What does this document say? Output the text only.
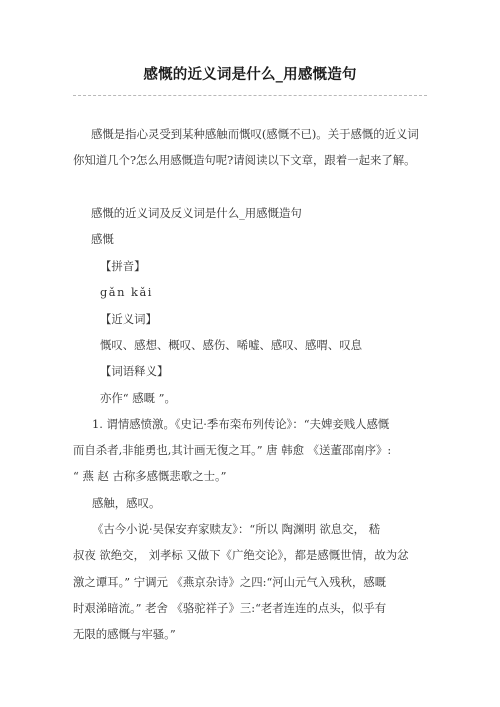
感慨的近义词是什么_用感慨造句
感慨是指心灵受到某种感触而慨叹(感慨不已)。关于感慨的近义词
你知道几个?怎么用感慨造句呢?请阅读以下文章，跟着一起来了解。
感慨的近义词及反义词是什么_用感慨造句
感慨
【拼音】
gǎn kǎi
【近义词】
慨叹、感想、概叹、感伤、唏嘘、感叹、感喟、叹息
【词语释义】
亦作“ 感嘅 ”。
1. 谓情感愤激。《史记·季布栾布列传论》：“夫婢妾贱人感慨
而自杀者,非能勇也,其计画无復之耳。” 唐 韩愈 《送董邵南序》:
“ 燕 赵 古称多感慨悲歌之士。”
感触，感叹。
《古今小说·吴保安弃家赎友》：“所以 陶渊明 欲息交， 嵇
叔夜 欲绝交， 刘孝标 又做下《广绝交论》，都是感慨世情，故为忿
激之谭耳。” 宁调元 《燕京杂诗》之四:“河山元气入残秋，感嘅
时艰涕暗流。” 老舍 《骆驼祥子》三:“老者连连的点头，似乎有
无限的感慨与牢骚。”
